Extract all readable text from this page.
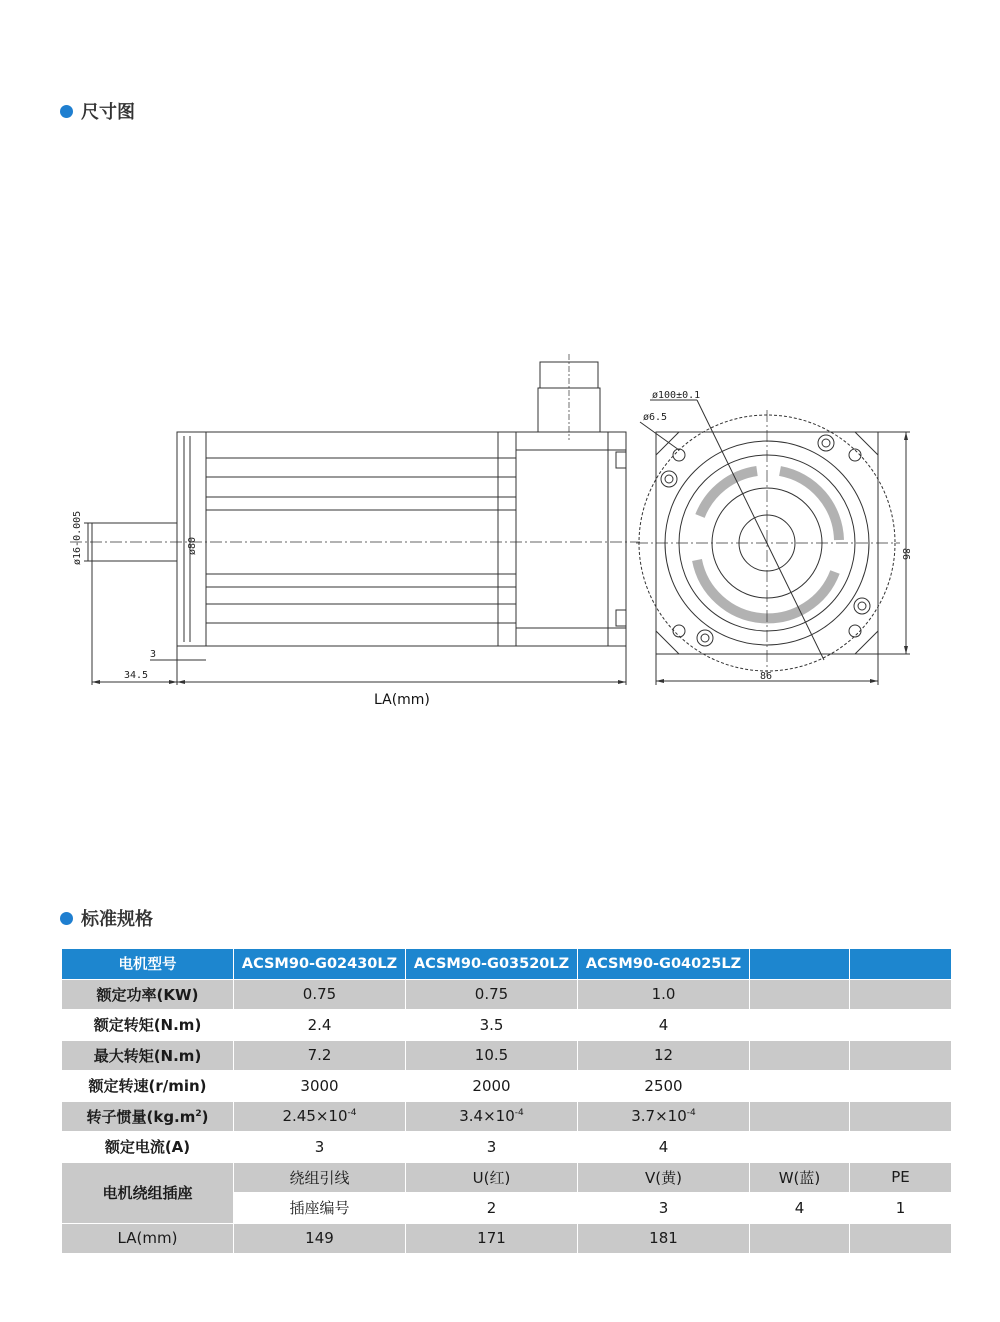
尺寸图
ø16-0.005	ø80
3
34.5
LA(mm)
ø100±0.1
ø6.5
86
86
标准规格
电机型号	ACSM90-G02430LZ	ACSM90-G03520LZ	ACSM90-G04025LZ		
额定功率(KW)	0.75	0.75	1.0		
额定转矩(N.m)	2.4	3.5	4		
最大转矩(N.m)	7.2	10.5	12		
额定转速(r/min)	3000	2000	2500		
转子惯量$(kg.m^2)$	$2.45\times 10^{-4}$	$3.4\times 10^{-4}$	$3.7\times 10^{-4}$		
额定电流(A)	3	3	4		
电机绕组插座	绕组引线	U(红)	V(黄)	W(蓝)	PE
	插座编号	2	3	4	1
LA(mm)	149	171	181		
